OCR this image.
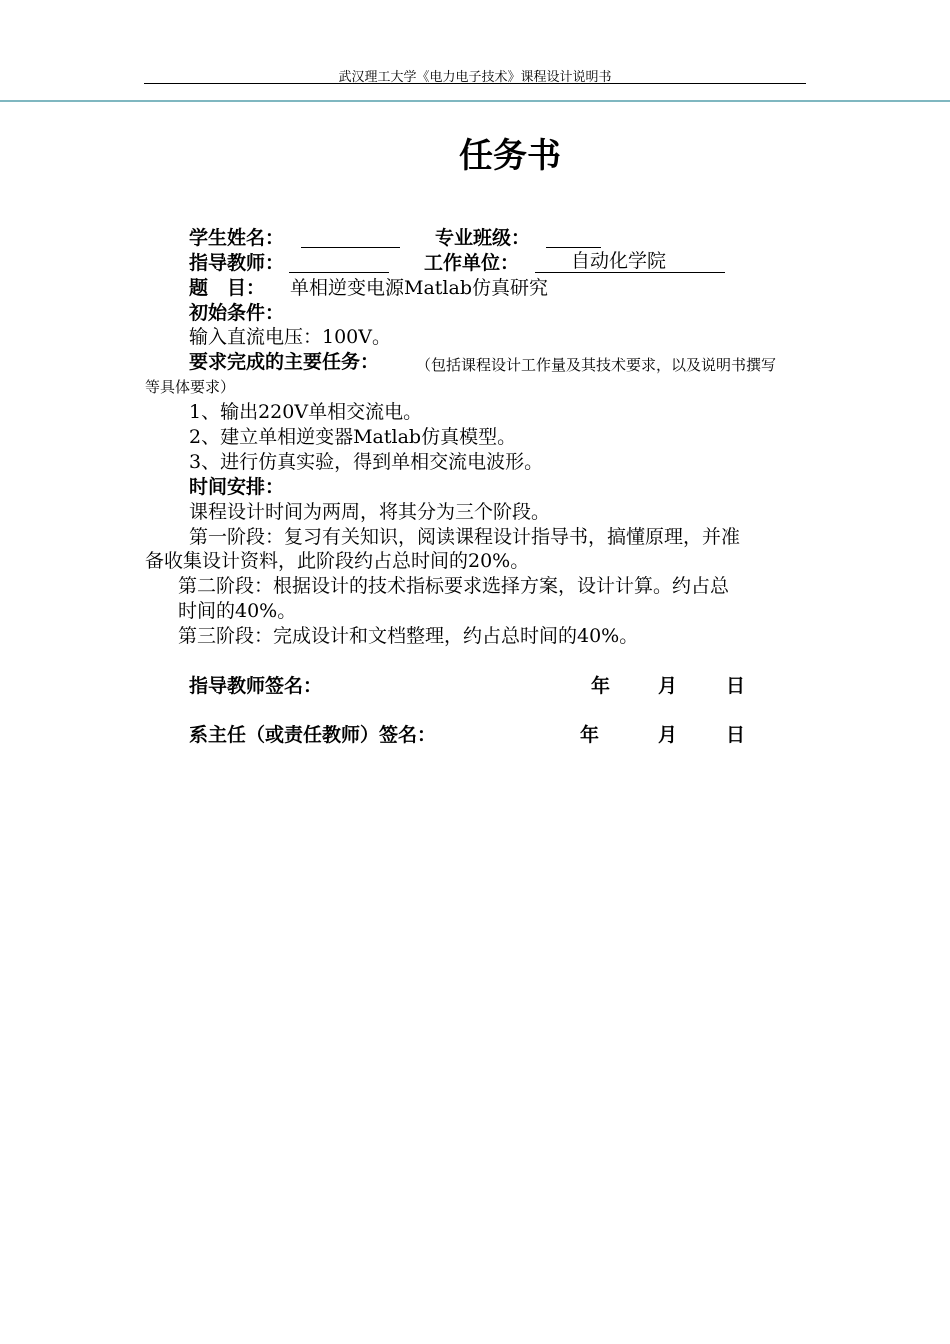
武汉理工大学《电力电子技术》课程设计说明书
任务书
学生姓名：	专业班级：
指导教师：	工作单位：	自动化学院
题　目： 单相逆变电源Matlab仿真研究
初始条件：
输入直流电压：100V。
要求完成的主要任务： （包括课程设计工作量及其技术要求，以及说明书撰写
等具体要求）
1、输出220V单相交流电。
2、建立单相逆变器Matlab仿真模型。
3、进行仿真实验，得到单相交流电波形。
时间安排：
课程设计时间为两周，将其分为三个阶段。
第一阶段：复习有关知识，阅读课程设计指导书，搞懂原理，并准
备收集设计资料，此阶段约占总时间的20%。
第二阶段：根据设计的技术指标要求选择方案，设计计算。约占总
时间的40%。
第三阶段：完成设计和文档整理，约占总时间的40%。
指导教师签名：	年	月	日
系主任（或责任教师）签名：	年	月	日
